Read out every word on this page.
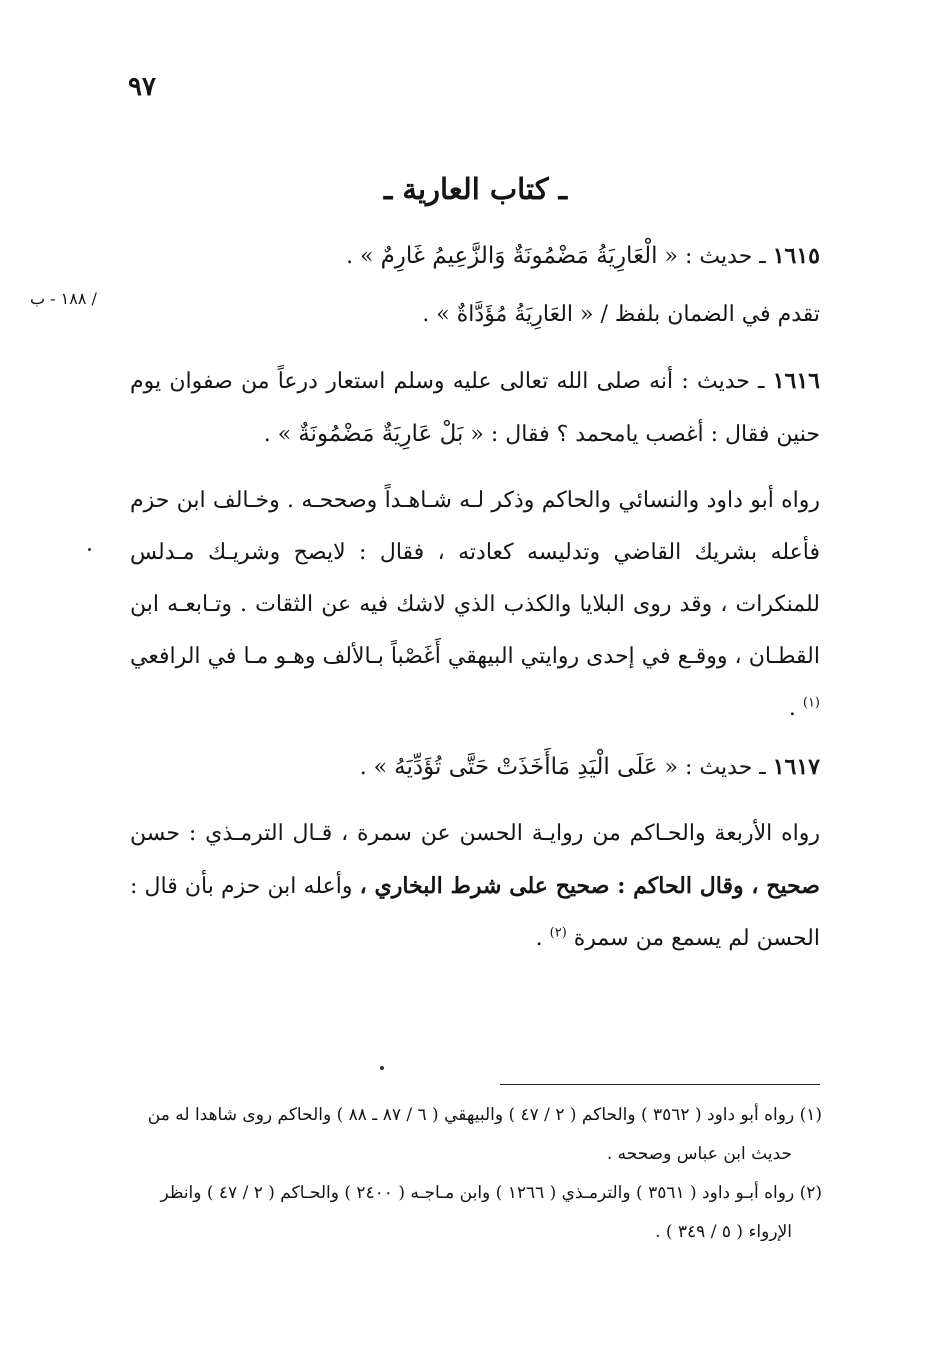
٩٧
/ ١٨٨ - ب
ـ كتاب العارية ـ

١٦١٥ ـ حديث : « الْعَارِيَةُ مَضْمُونَةٌ وَالزَّعِيمُ غَارِمٌ » .

تقدم في الضمان بلفظ / « العَارِيَةُ مُؤَدَّاةٌ » .

١٦١٦ ـ حديث : أنه صلى الله تعالى عليه وسلم استعار درعاً من صفوان يوم حنين فقال : أغصب يامحمد ؟ فقال : « بَلْ عَارِيَةٌ مَضْمُونَةٌ » .

رواه أبو داود والنسائي والحاكم وذكر لـه شـاهـداً وصححـه . وخـالف ابن حزم فأعله بشريك القاضي وتدليسه كعادته ، فقال : لايصح وشريـك مـدلس للمنكرات ، وقد روى البلايا والكذب الذي لاشك فيه عن الثقات . وتـابعـه ابن القطـان ، ووقـع في إحدى روايتي البيهقي أَغَصْباً بـالألف وهـو مـا في الرافعي $^{(١)}$ .

١٦١٧ ـ حديث : « عَلَى الْيَدِ مَاأَخَذَتْ حَتَّى تُؤَدِّيَهُ » .

رواه الأربعة والحـاكم من روايـة الحسن عن سمرة ، قـال الترمـذي : حسن صحيح ، وقال الحاكم : صحيح على شرط البخاري ، وأعله ابن حزم بأن قال : الحسن لم يسمع من سمرة $^{(٢)}$ .

(١) رواه أبو داود ( ٣٥٦٢ ) والحاكم ( ٢ / ٤٧ ) والبيهقي ( ٦ / ٨٧ ـ ٨٨ ) والحاكم روى شاهدا له من

حديث ابن عباس وصححه .

(٢) رواه أبـو داود ( ٣٥٦١ ) والترمـذي ( ١٢٦٦ ) وابن مـاجـه ( ٢٤٠٠ ) والحـاكم ( ٢ / ٤٧ ) وانظر

الإرواء ( ٥ / ٣٤٩ ) .
